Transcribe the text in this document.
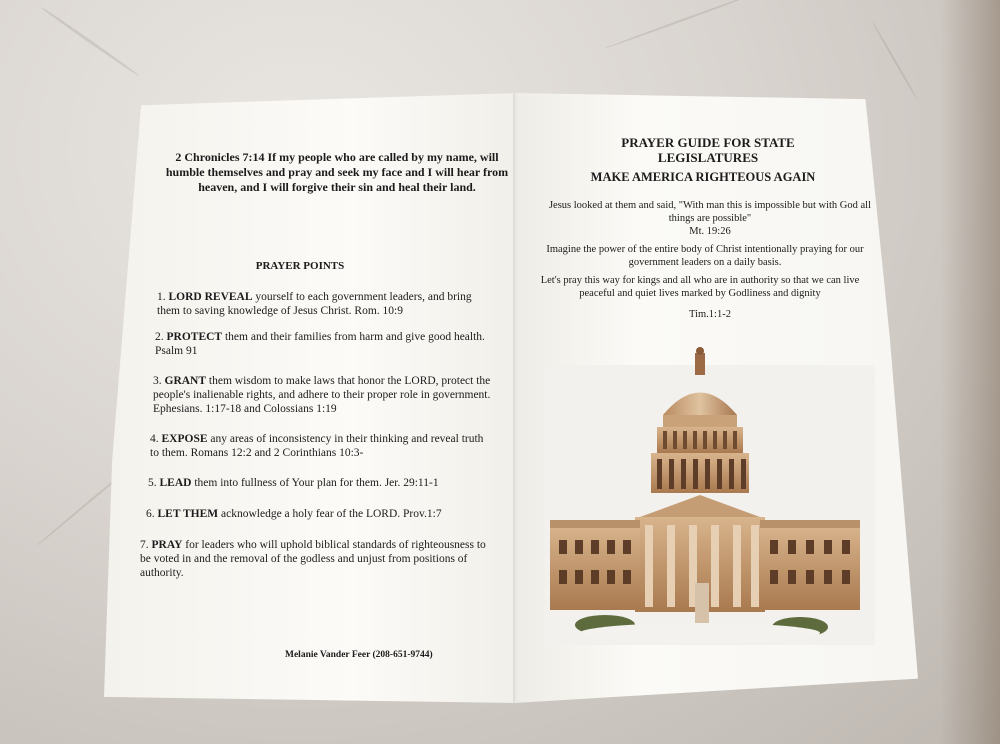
2 Chronicles 7:14 If my people who are called by my name, will humble themselves and pray and seek my face and I will hear from heaven, and I will forgive their sin and heal their land.
PRAYER POINTS
1. LORD REVEAL yourself to each government leaders, and bring them to saving knowledge of Jesus Christ. Rom. 10:9
2. PROTECT them and their families from harm and give good health. Psalm 91
3. GRANT them wisdom to make laws that honor the LORD, protect the people's inalienable rights, and adhere to their proper role in government. Ephesians. 1:17-18 and Colossians 1:19
4. EXPOSE any areas of inconsistency in their thinking and reveal truth to them. Romans 12:2 and 2 Corinthians 10:3-
5. LEAD them into fullness of Your plan for them. Jer. 29:11-1
6. LET THEM acknowledge a holy fear of the LORD. Prov.1:7
7. PRAY for leaders who will uphold biblical standards of righteousness to be voted in and the removal of the godless and unjust from positions of authority.
Melanie Vander Feer (208-651-9744)
PRAYER GUIDE FOR STATE
LEGISLATURES
MAKE AMERICA RIGHTEOUS AGAIN
Jesus looked at them and said, "With man this is impossible but with God all things are possible"
Mt. 19:26
Imagine the power of the entire body of Christ intentionally praying for our government leaders on a daily basis.
Let's pray this way for kings and all who are in authority so that we can live peaceful and quiet lives marked by Godliness and dignity
Tim.1:1-2
